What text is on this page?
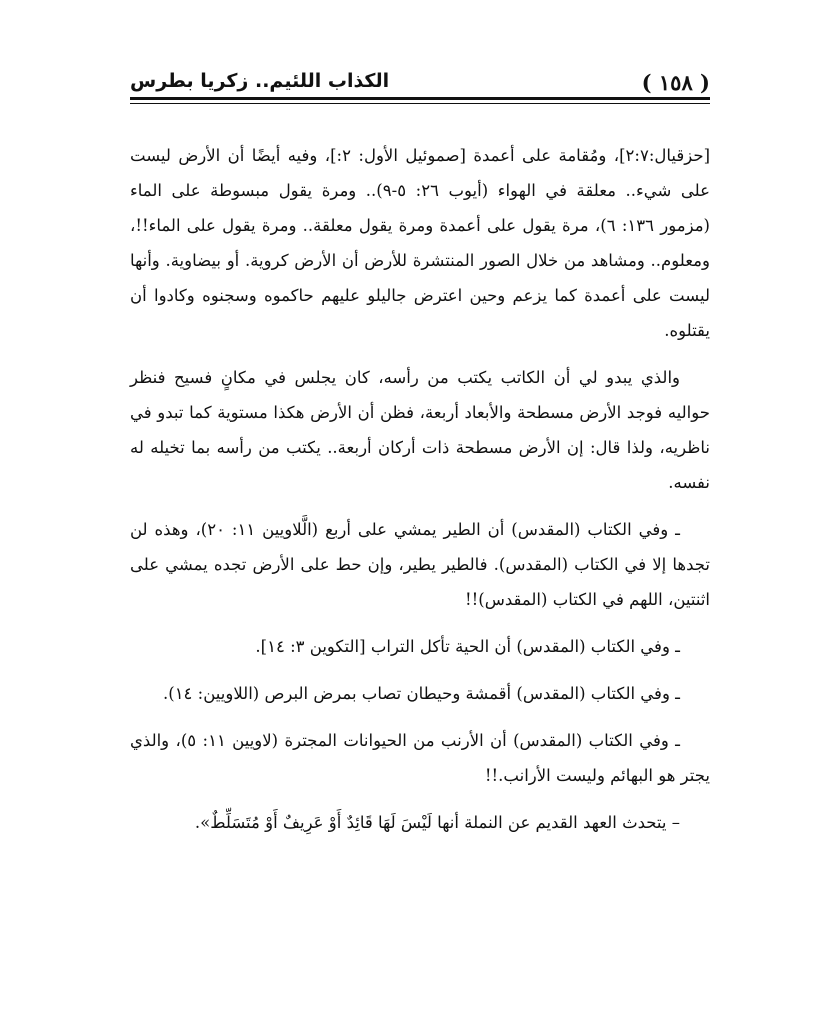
( ١٥٨ )
الكذاب اللئيم.. زكريا بطرس

[حزقيال:٢:٧]، ومُقامة على أعمدة [صموئيل الأول: ٢:]، وفيه أيضًا أن الأرض ليست على شيء.. معلقة في الهواء (أيوب ٢٦: ٥-٩).. ومرة يقول مبسوطة على الماء (مزمور ١٣٦: ٦)، مرة يقول على أعمدة ومرة يقول معلقة.. ومرة يقول على الماء!!، ومعلوم.. ومشاهد من خلال الصور المنتشرة للأرض أن الأرض كروية. أو بيضاوية. وأنها ليست على أعمدة كما يزعم وحين اعترض جاليلو عليهم حاكموه وسجنوه وكادوا أن يقتلوه.

والذي يبدو لي أن الكاتب يكتب من رأسه، كان يجلس في مكانٍ فسيح فنظر حواليه فوجد الأرض مسطحة والأبعاد أربعة، فظن أن الأرض هكذا مستوية كما تبدو في ناظريه، ولذا قال: إن الأرض مسطحة ذات أركان أربعة.. يكتب من رأسه بما تخيله له نفسه.

ـ وفي الكتاب (المقدس) أن الطير يمشي على أربع (الَّلاويين ١١: ٢٠)، وهذه لن تجدها إلا في الكتاب (المقدس). فالطير يطير، وإن حط على الأرض تجده يمشي على اثنتين، اللهم في الكتاب (المقدس)!!

ـ وفي الكتاب (المقدس) أن الحية تأكل التراب [التكوين ٣: ١٤].

ـ وفي الكتاب (المقدس) أقمشة وحيطان تصاب بمرض البرص (اللاويين: ١٤).

ـ وفي الكتاب (المقدس) أن الأرنب من الحيوانات المجترة (لاويين ١١: ٥)، والذي يجتر هو البهائم وليست الأرانب.!!

– يتحدث العهد القديم عن النملة أنها لَيْسَ لَهَا قَائِدٌ أَوْ عَرِيفٌ أَوْ مُتَسَلِّطٌ».
